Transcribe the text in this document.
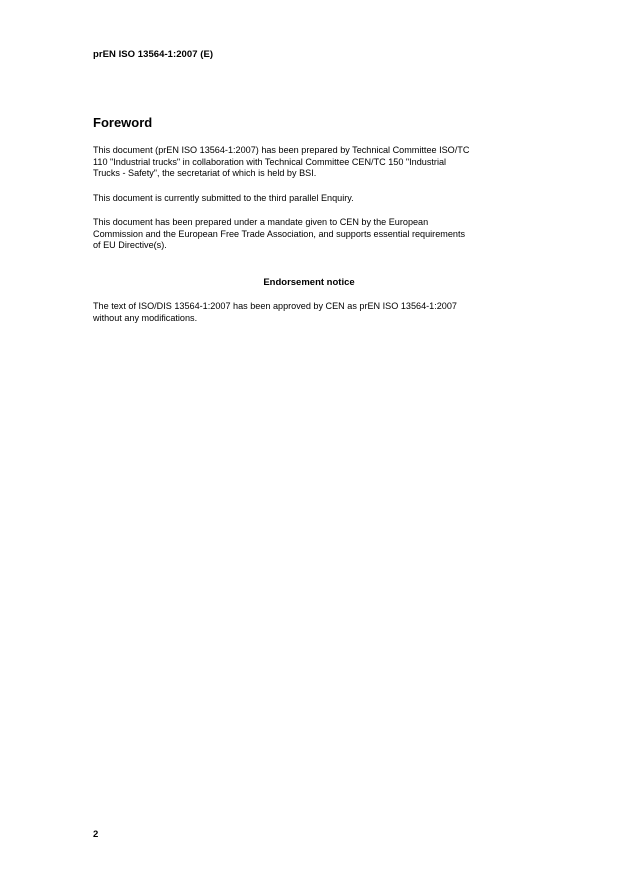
prEN ISO 13564-1:2007 (E)
Foreword

This document (prEN ISO 13564-1:2007) has been prepared by Technical Committee ISO/TC
110 "Industrial trucks" in collaboration with Technical Committee CEN/TC 150 "Industrial
Trucks - Safety", the secretariat of which is held by BSI.

This document is currently submitted to the third parallel Enquiry.

This document has been prepared under a mandate given to CEN by the European
Commission and the European Free Trade Association, and supports essential requirements
of EU Directive(s).

Endorsement notice

The text of ISO/DIS 13564-1:2007 has been approved by CEN as prEN ISO 13564-1:2007
without any modifications.

2
